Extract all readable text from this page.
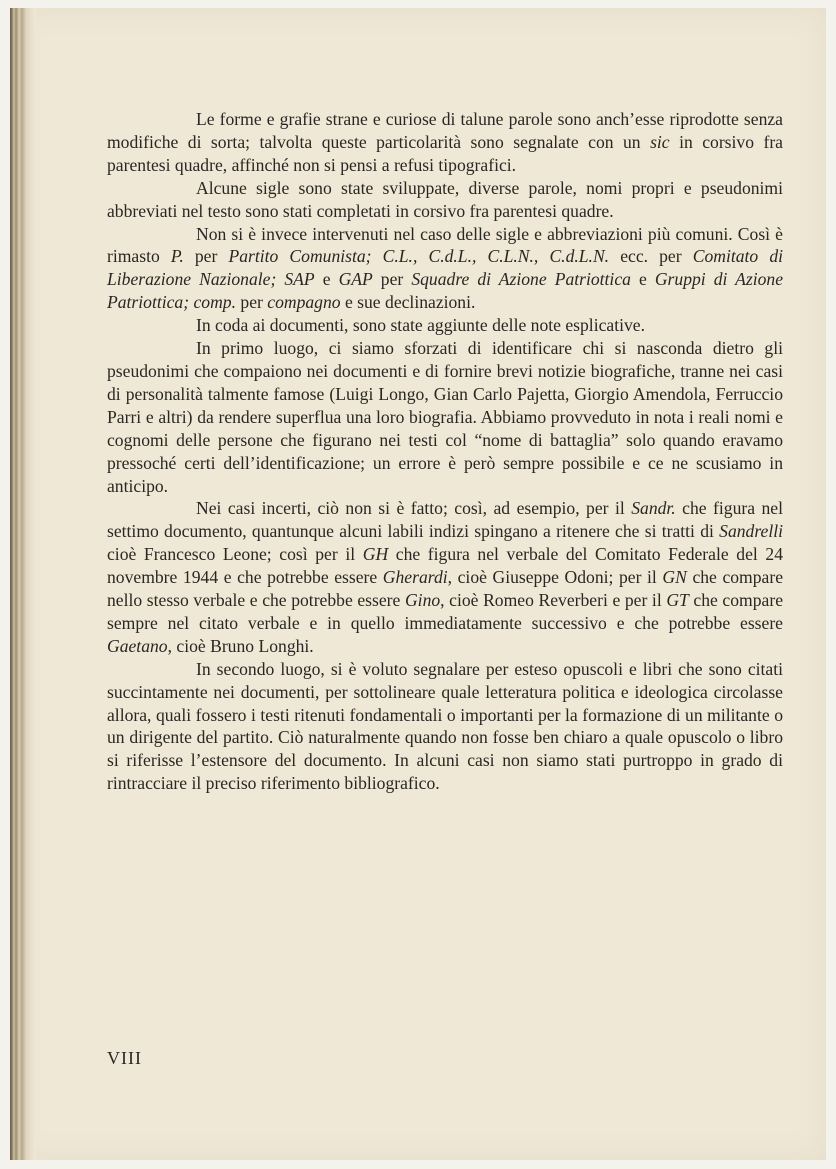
Le forme e grafie strane e curiose di talune parole sono anch’esse riprodotte senza modifiche di sorta; talvolta queste particolarità sono segnalate con un sic in corsivo fra parentesi quadre, affinché non si pensi a refusi tipografici.

Alcune sigle sono state sviluppate, diverse parole, nomi propri e pseudonimi abbreviati nel testo sono stati completati in corsivo fra parentesi quadre.

Non si è invece intervenuti nel caso delle sigle e abbreviazioni più comuni. Così è rimasto P. per Partito Comunista; C.L., C.d.L., C.L.N., C.d.L.N. ecc. per Comitato di Liberazione Nazionale; SAP e GAP per Squadre di Azione Patriottica e Gruppi di Azione Patriottica; comp. per compagno e sue declinazioni.

In coda ai documenti, sono state aggiunte delle note esplicative.

In primo luogo, ci siamo sforzati di identificare chi si nascondа dietro gli pseudonimi che compaiono nei documenti e di fornire brevi notizie biografiche, tranne nei casi di personalità talmente famose (Luigi Longo, Gian Carlo Pajetta, Giorgio Amendola, Ferruccio Parri e altri) da rendere superflua una loro biografia. Abbiamo provveduto in nota i reali nomi e cognomi delle persone che figurano nei testi col “nome di battaglia” solo quando eravamo pressoché certi dell’identificazione; un errore è però sempre possibile e ce ne scusiamo in anticipo.

Nei casi incerti, ciò non si è fatto; così, ad esempio, per il Sandr. che figura nel settimo documento, quantunque alcuni labili indizi spingano a ritenere che si tratti di Sandrelli cioè Francesco Leone; così per il GH che figura nel verbale del Comitato Federale del 24 novembre 1944 e che potrebbe essere Gherardi, cioè Giuseppe Odoni; per il GN che compare nello stesso verbale e che potrebbe essere Gino, cioè Romeo Reverberi e per il GT che compare sempre nel citato verbale e in quello immediatamente successivo e che potrebbe essere Gaetano, cioè Bruno Longhi.

In secondo luogo, si è voluto segnalare per esteso opuscoli e libri che sono citati succintamente nei documenti, per sottolineare quale letteratura politica e ideologica circolasse allora, quali fossero i testi ritenuti fondamentali o importanti per la formazione di un militante o un dirigente del partito. Ciò naturalmente quando non fosse ben chiaro a quale opuscolo o libro si riferisse l’estensore del documento. In alcuni casi non siamo stati purtroppo in grado di rintracciare il preciso riferimento bibliografico.

VIII
